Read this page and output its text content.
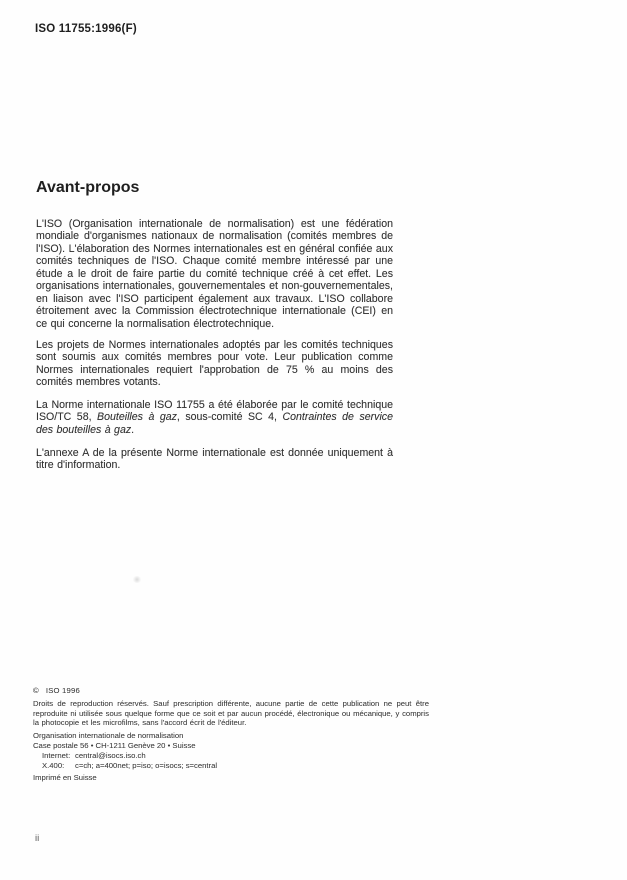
ISO 11755:1996(F)
Avant-propos
L'ISO (Organisation internationale de normalisation) est une fédération mondiale d'organismes nationaux de normalisation (comités membres de l'ISO). L'élaboration des Normes internationales est en général confiée aux comités techniques de l'ISO. Chaque comité membre intéressé par une étude a le droit de faire partie du comité technique créé à cet effet. Les organisations internationales, gouvernementales et non-gouvernementales, en liaison avec l'ISO participent également aux travaux. L'ISO collabore étroitement avec la Commission électrotechnique internationale (CEI) en ce qui concerne la normalisation électrotechnique.
Les projets de Normes internationales adoptés par les comités techniques sont soumis aux comités membres pour vote. Leur publication comme Normes internationales requiert l'approbation de 75 % au moins des comités membres votants.
La Norme internationale ISO 11755 a été élaborée par le comité technique ISO/TC 58, Bouteilles à gaz, sous-comité SC 4, Contraintes de service des bouteilles à gaz.
L'annexe A de la présente Norme internationale est donnée uniquement à titre d'information.
© ISO 1996
Droits de reproduction réservés. Sauf prescription différente, aucune partie de cette publication ne peut être reproduite ni utilisée sous quelque forme que ce soit et par aucun procédé, électronique ou mécanique, y compris la photocopie et les microfilms, sans l'accord écrit de l'éditeur.
Organisation internationale de normalisation
Case postale 56 • CH-1211 Genève 20 • Suisse
Internet: central@isocs.iso.ch
X.400: c=ch; a=400net; p=iso; o=isocs; s=central
Imprimé en Suisse
ii
